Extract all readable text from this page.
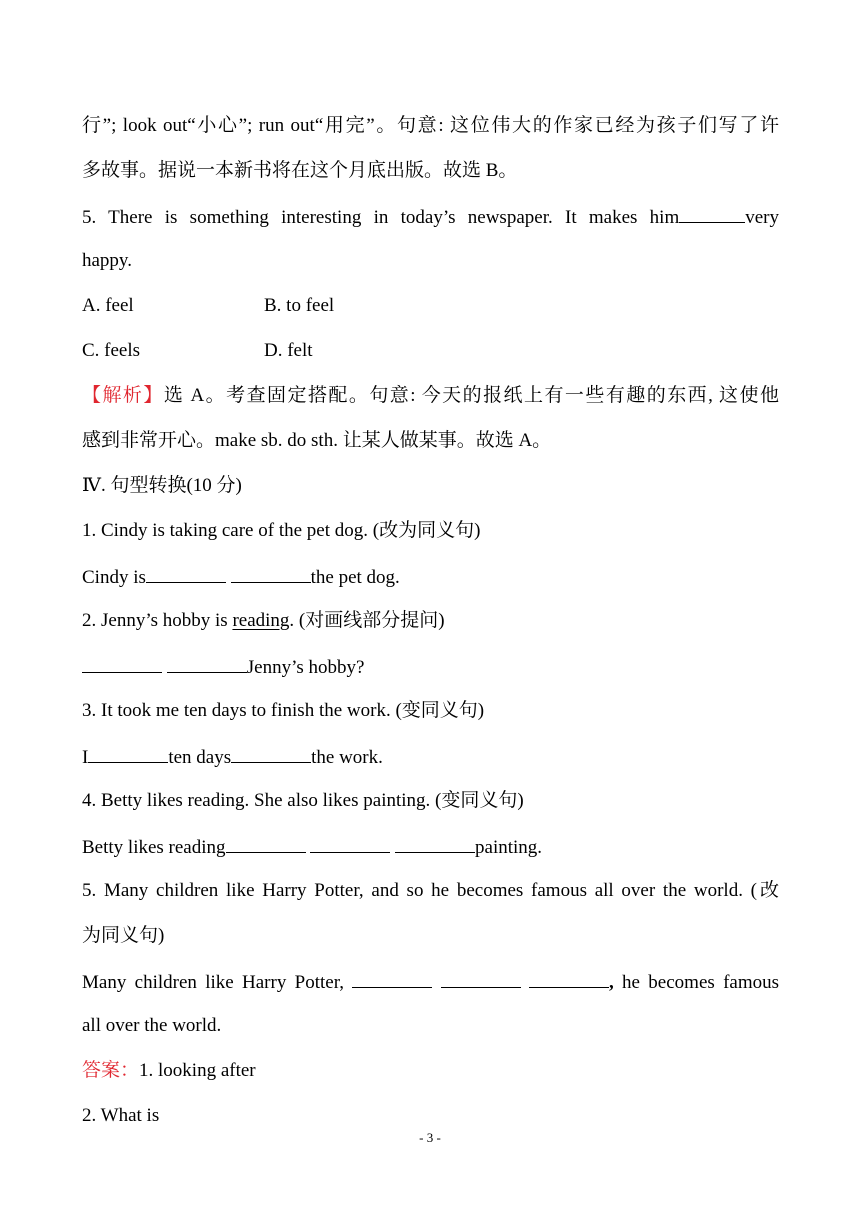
行”; look out“小心”; run out“用完”。句意: 这位伟大的作家已经为孩子们写了许
多故事。据说一本新书将在这个月底出版。故选 B。
5. There is something interesting in today’s newspaper. It makes him	very
happy.
A. feel	B. to feel
C. feels	D. felt
【解析】选 A。考查固定搭配。句意: 今天的报纸上有一些有趣的东西, 这使他
感到非常开心。make sb. do sth. 让某人做某事。故选 A。
Ⅳ. 句型转换(10 分)
1. Cindy is taking care of the pet dog. (改为同义句)
Cindy is	the pet dog.
2. Jenny’s hobby is reading. (对画线部分提问)
Jenny’s hobby?
3. It took me ten days to finish the work. (变同义句)
I	ten days	the work.
4. Betty likes reading. She also likes painting. (变同义句)
Betty likes reading	painting.
5. Many children like Harry Potter, and so he becomes famous all over the world. (改
为同义句)
Many children like Harry Potter,	, he becomes famous
all over the world.
答案：1. looking after
2. What is
- 3 -
